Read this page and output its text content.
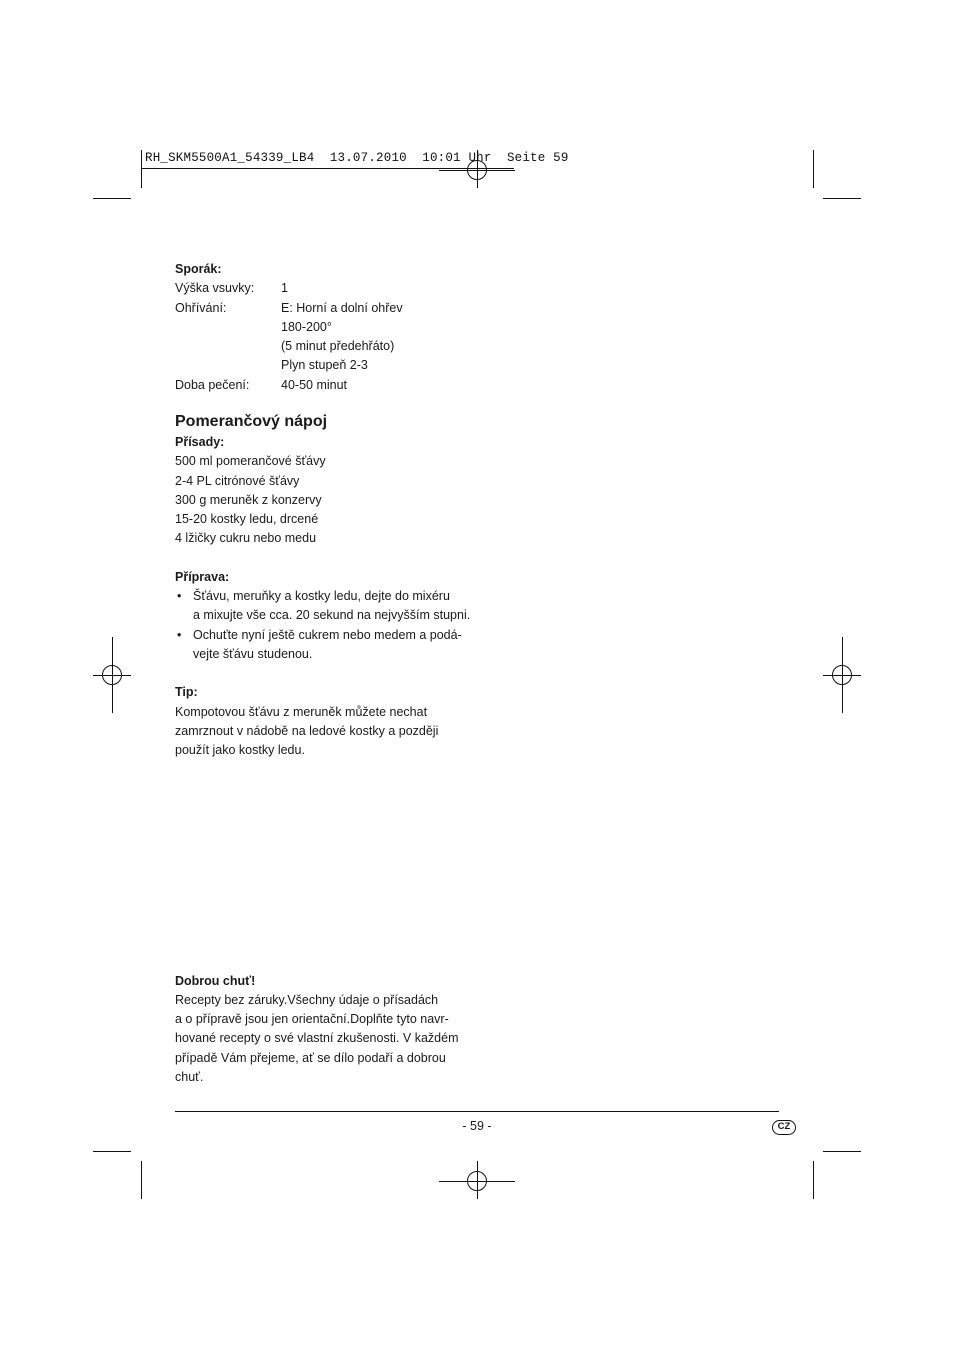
RH_SKM5500A1_54339_LB4  13.07.2010  10:01 Uhr  Seite 59
Sporák:
Výška vsuvky: 1
Ohřívání:	E: Horní a dolní ohřev
180-200°
(5 minut předehřáto)
Plyn stupeň 2-3
Doba pečení:	40-50 minut
Pomerančový nápoj
Přísady:
500 ml pomerančové šťávy
2-4 PL citrónové šťávy
300 g meruněk z konzervy
15-20 kostky ledu, drcené
4 lžičky cukru nebo medu
Příprava:
• Šťávu, meruňky a kostky ledu, dejte do mixéru
a mixujte vše cca. 20 sekund na nejvyšším stupni.
• Ochuťte nyní ještě cukrem nebo medem a podá-
vejte šťávu studenou.
Tip:
Kompotovou šťávu z meruněk můžete nechat
zamrznout v nádobě na ledové kostky a později
použít jako kostky ledu.
Dobrou chuť!
Recepty bez záruky.Všechny údaje o přísadách
a o přípravě jsou jen orientační.Doplňte tyto navr-
hované recepty o své vlastní zkušenosti. V každém
případě Vám přejeme, ať se dílo podaří a dobrou
chuť.
- 59 -	CZ
